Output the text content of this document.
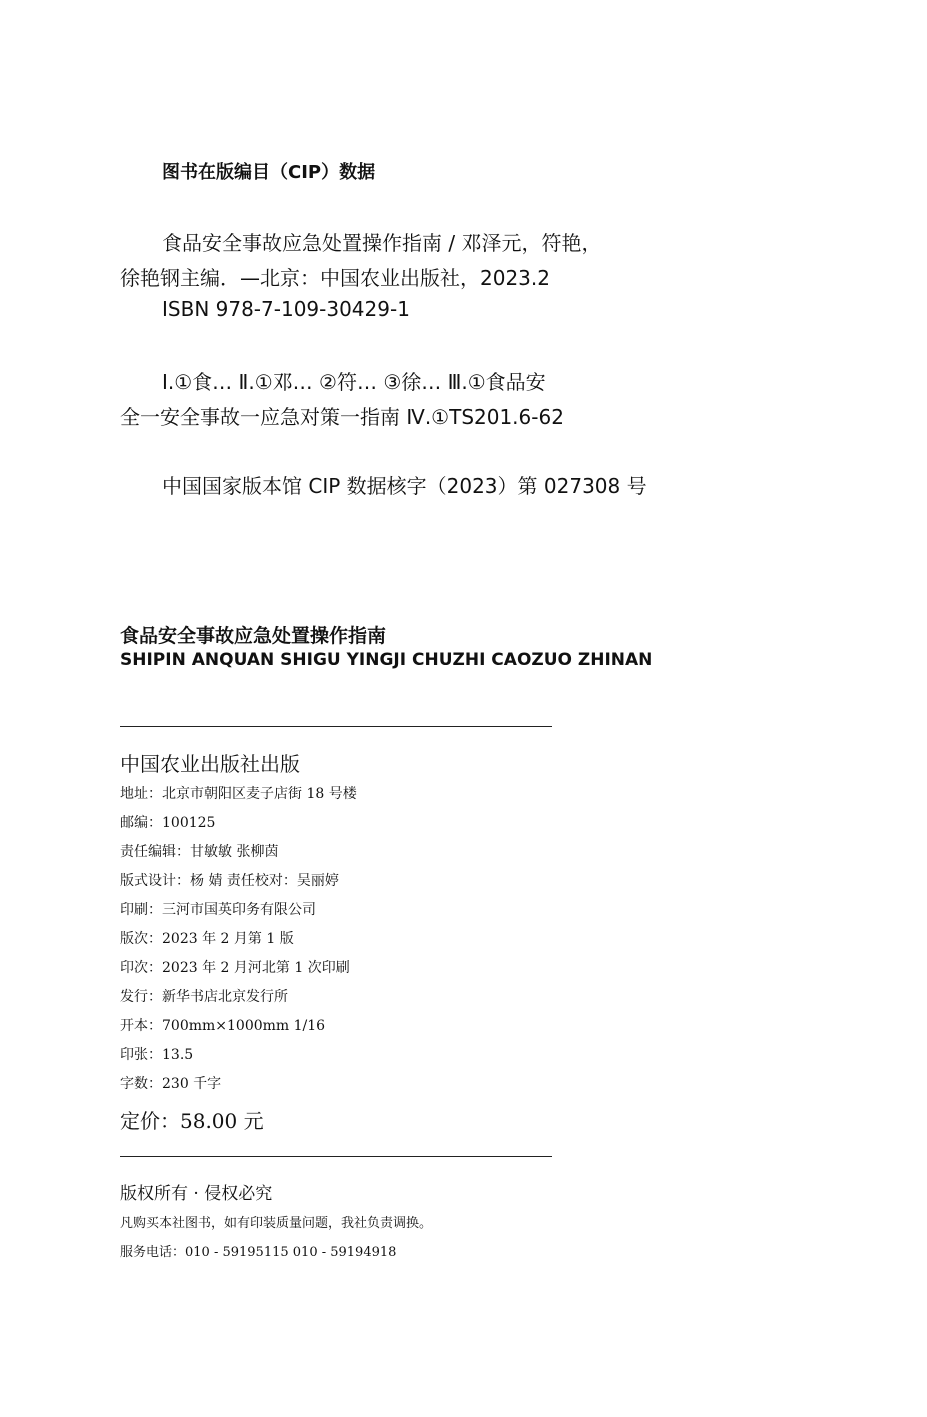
图书在版编目（CIP）数据
食品安全事故应急处置操作指南 / 邓泽元，符艳，
徐艳钢主编．—北京：中国农业出版社，2023.2
ISBN 978-7-109-30429-1
Ⅰ.①食… Ⅱ.①邓… ②符… ③徐… Ⅲ.①食品安
全一安全事故一应急对策一指南 Ⅳ.①TS201.6-62
中国国家版本馆 CIP 数据核字（2023）第 027308 号
食品安全事故应急处置操作指南
SHIPIN ANQUAN SHIGU YINGJI CHUZHI CAOZUO ZHINAN
中国农业出版社出版
地址：北京市朝阳区麦子店街 18 号楼
邮编：100125
责任编辑：甘敏敏 张柳茵
版式设计：杨 婧 责任校对：吴丽婷
印刷：三河市国英印务有限公司
版次：2023 年 2 月第 1 版
印次：2023 年 2 月河北第 1 次印刷
发行：新华书店北京发行所
开本：700mm×1000mm 1/16
印张：13.5
字数：230 千字
定价：58.00 元
版权所有 · 侵权必究
凡购买本社图书，如有印装质量问题，我社负责调换。
服务电话：010 - 59195115 010 - 59194918
